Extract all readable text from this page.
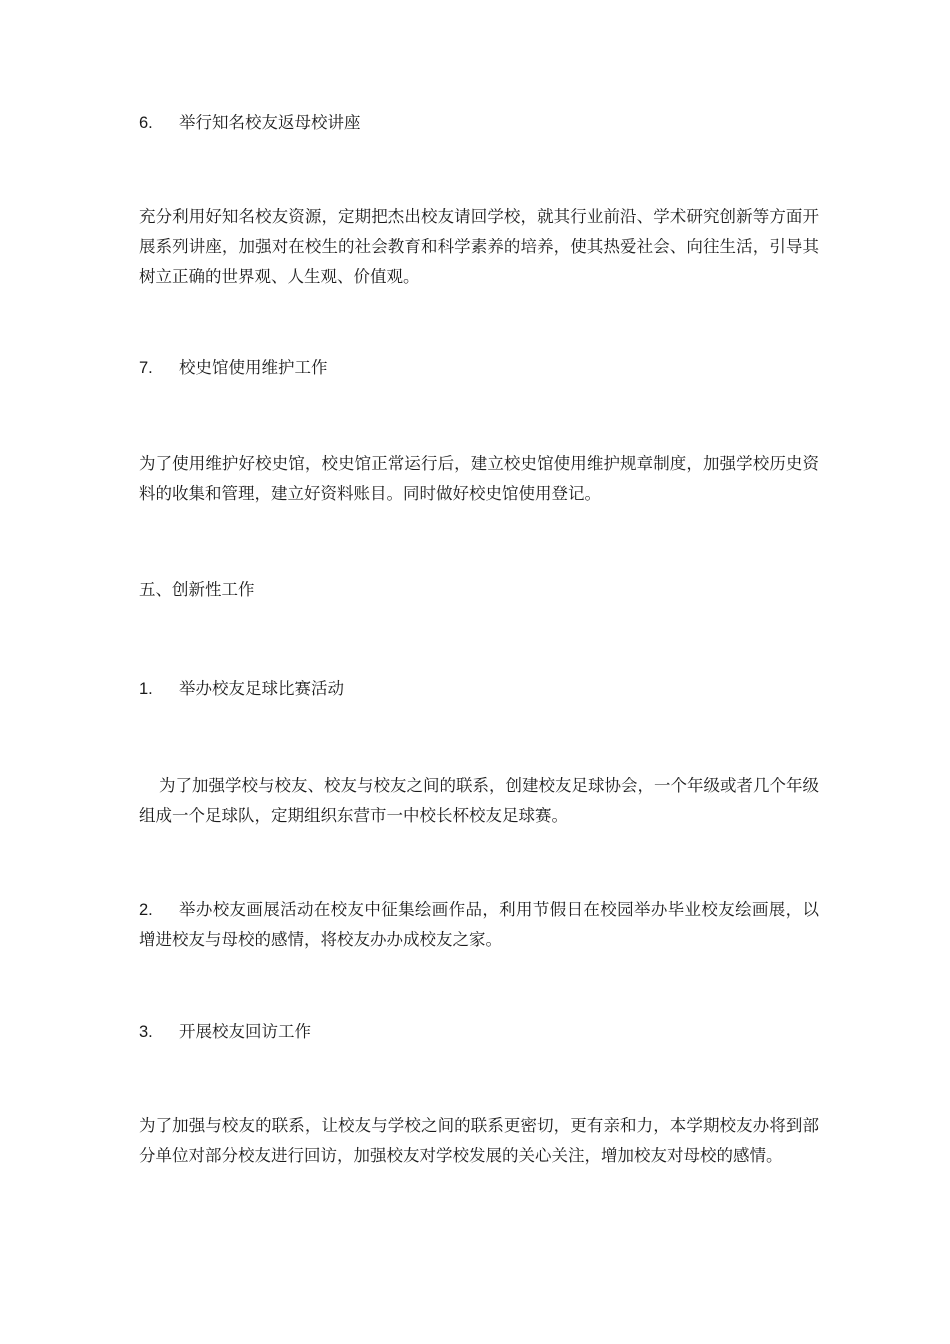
6.	举行知名校友返母校讲座

充分利用好知名校友资源，定期把杰出校友请回学校，就其行业前沿、学术研究创新等方面开展系列讲座，加强对在校生的社会教育和科学素养的培养，使其热爱社会、向往生活，引导其树立正确的世界观、人生观、价值观。

7.	校史馆使用维护工作

为了使用维护好校史馆，校史馆正常运行后，建立校史馆使用维护规章制度，加强学校历史资料的收集和管理，建立好资料账目。同时做好校史馆使用登记。

五、创新性工作
1.	举办校友足球比赛活动

为了加强学校与校友、校友与校友之间的联系，创建校友足球协会，一个年级或者几个年级组成一个足球队，定期组织东营市一中校长杯校友足球赛。

2.	举办校友画展活动在校友中征集绘画作品，利用节假日在校园举办毕业校友绘画展，以增进校友与母校的感情，将校友办办成校友之家。
3.	开展校友回访工作

为了加强与校友的联系，让校友与学校之间的联系更密切，更有亲和力，本学期校友办将到部分单位对部分校友进行回访，加强校友对学校发展的关心关注，增加校友对母校的感情。
